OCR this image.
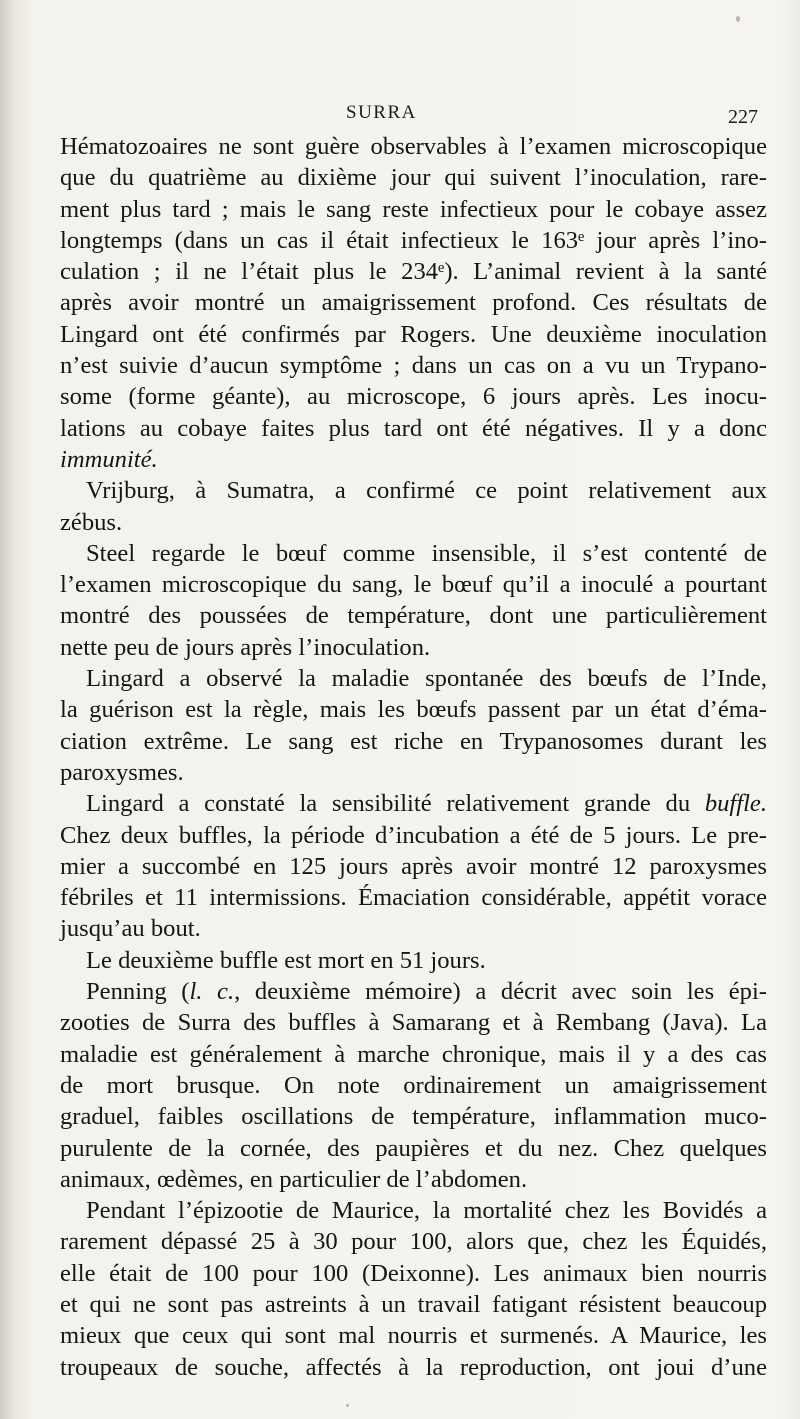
SURRA	227

Hématozoaires ne sont guère observables à l’examen microscopique
que du quatrième au dixième jour qui suivent l’inoculation, rare-
ment plus tard ; mais le sang reste infectieux pour le cobaye assez
longtemps (dans un cas il était infectieux le 163ᵉ jour après l’ino-
culation ; il ne l’était plus le 234ᵉ). L’animal revient à la santé
après avoir montré un amaigrissement profond. Ces résultats de
Lingard ont été confirmés par Rogers. Une deuxième inoculation
n’est suivie d’aucun symptôme ; dans un cas on a vu un Trypano-
some (forme géante), au microscope, 6 jours après. Les inocu-
lations au cobaye faites plus tard ont été négatives. Il y a donc
immunité.

Vrijburg, à Sumatra, a confirmé ce point relativement aux
zébus.

Steel regarde le bœuf comme insensible, il s’est contenté de
l’examen microscopique du sang, le bœuf qu’il a inoculé a pourtant
montré des poussées de température, dont une particulièrement
nette peu de jours après l’inoculation.

Lingard a observé la maladie spontanée des bœufs de l’Inde,
la guérison est la règle, mais les bœufs passent par un état d’éma-
ciation extrême. Le sang est riche en Trypanosomes durant les
paroxysmes.

Lingard a constaté la sensibilité relativement grande du buffle.
Chez deux buffles, la période d’incubation a été de 5 jours. Le pre-
mier a succombé en 125 jours après avoir montré 12 paroxysmes
fébriles et 11 intermissions. Émaciation considérable, appétit vorace
jusqu’au bout.

Le deuxième buffle est mort en 51 jours.

Penning (l. c., deuxième mémoire) a décrit avec soin les épi-
zooties de Surra des buffles à Samarang et à Rembang (Java). La
maladie est généralement à marche chronique, mais il y a des cas
de mort brusque. On note ordinairement un amaigrissement
graduel, faibles oscillations de température, inflammation muco-
purulente de la cornée, des paupières et du nez. Chez quelques
animaux, œdèmes, en particulier de l’abdomen.

Pendant l’épizootie de Maurice, la mortalité chez les Bovidés a
rarement dépassé 25 à 30 pour 100, alors que, chez les Équidés,
elle était de 100 pour 100 (Deixonne). Les animaux bien nourris
et qui ne sont pas astreints à un travail fatigant résistent beaucoup
mieux que ceux qui sont mal nourris et surmenés. A Maurice, les
troupeaux de souche, affectés à la reproduction, ont joui d’une
